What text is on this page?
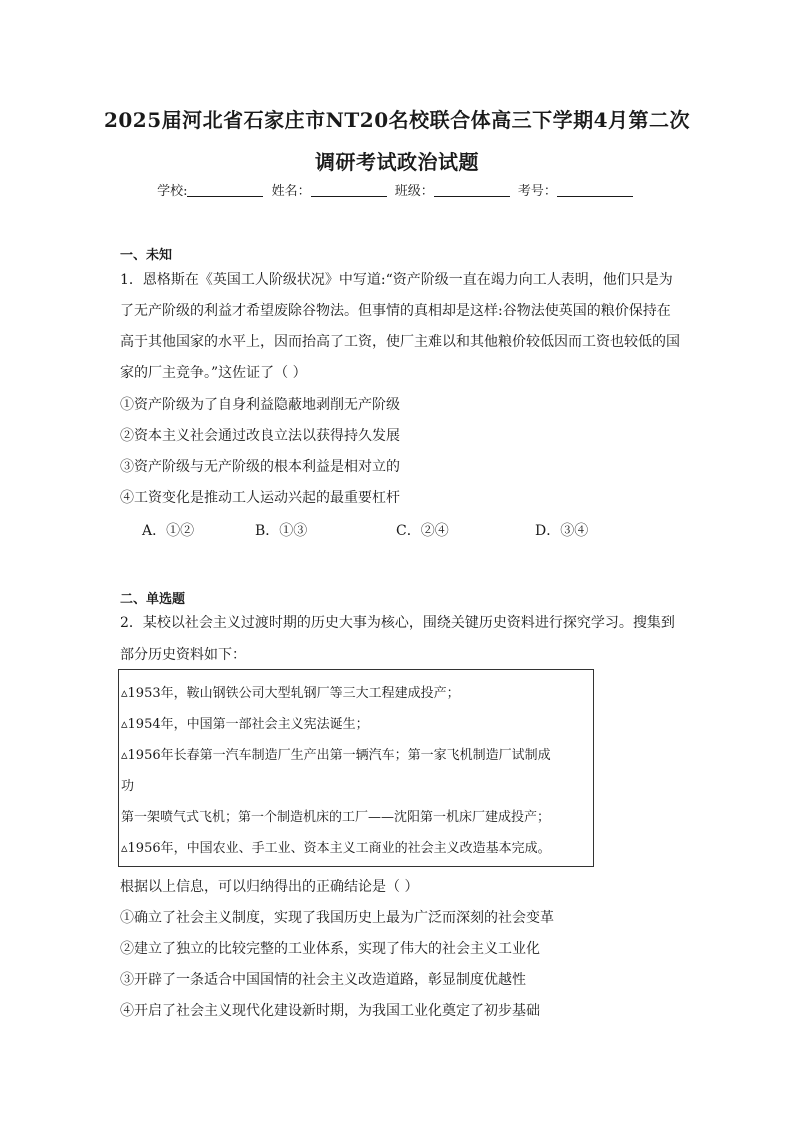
2025届河北省石家庄市NT20名校联合体高三下学期4月第二次
调研考试政治试题
学校:	姓名：	班级：	考号：
一、未知
1．恩格斯在《英国工人阶级状况》中写道:“资产阶级一直在竭力向工人表明，他们只是为
了无产阶级的利益才希望废除谷物法。但事情的真相却是这样:谷物法使英国的粮价保持在
高于其他国家的水平上，因而抬高了工资，使厂主难以和其他粮价较低因而工资也较低的国
家的厂主竞争。”这佐证了（ ）
①资产阶级为了自身利益隐蔽地剥削无产阶级
②资本主义社会通过改良立法以获得持久发展
③资产阶级与无产阶级的根本利益是相对立的
④工资变化是推动工人运动兴起的最重要杠杆
A．①②	B．①③	C．②④	D．③④
二、单选题
2．某校以社会主义过渡时期的历史大事为核心，围绕关键历史资料进行探究学习。搜集到
部分历史资料如下：
▵1953年，鞍山钢铁公司大型轧钢厂等三大工程建成投产；
▵1954年，中国第一部社会主义宪法诞生；
▵1956年长春第一汽车制造厂生产出第一辆汽车；第一家飞机制造厂试制成
功
第一架喷气式飞机；第一个制造机床的工厂——沈阳第一机床厂建成投产；
▵1956年，中国农业、手工业、资本主义工商业的社会主义改造基本完成。
根据以上信息，可以归纳得出的正确结论是（ ）
①确立了社会主义制度，实现了我国历史上最为广泛而深刻的社会变革
②建立了独立的比较完整的工业体系，实现了伟大的社会主义工业化
③开辟了一条适合中国国情的社会主义改造道路，彰显制度优越性
④开启了社会主义现代化建设新时期，为我国工业化奠定了初步基础
